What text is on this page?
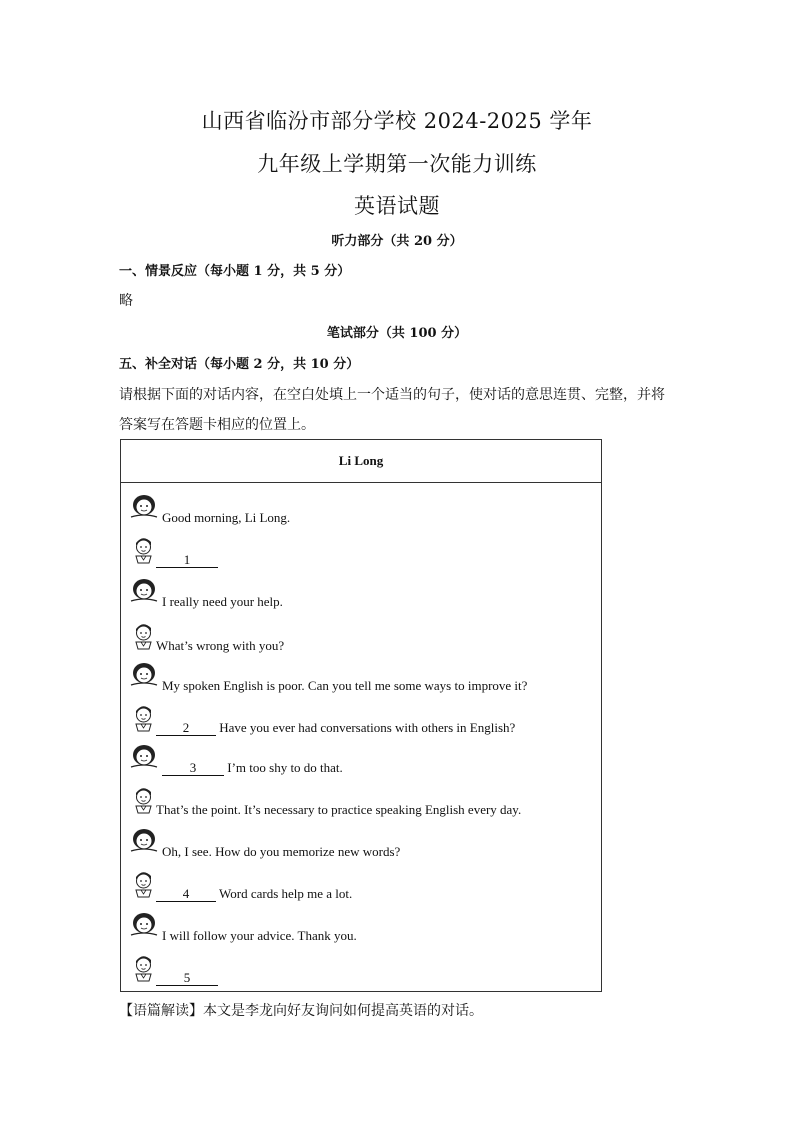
山西省临汾市部分学校 2024-2025 学年
九年级上学期第一次能力训练
英语试题
听力部分（共 20 分）
一、情景反应（每小题 1 分，共 5 分）
略
笔试部分（共 100 分）
五、补全对话（每小题 2 分，共 10 分）
请根据下面的对话内容，在空白处填上一个适当的句子，使对话的意思连贯、完整，并将
答案写在答题卡相应的位置上。
Li Long
Good morning, Li Long.
1
I really need your help.
What’s wrong with you?
My spoken English is poor. Can you tell me some ways to improve it?
2 Have you ever had conversations with others in English?
3 I’m too shy to do that.
That’s the point. It’s necessary to practice speaking English every day.
Oh, I see. How do you memorize new words?
4 Word cards help me a lot.
I will follow your advice. Thank you.
5
【语篇解读】本文是李龙向好友询问如何提高英语的对话。
